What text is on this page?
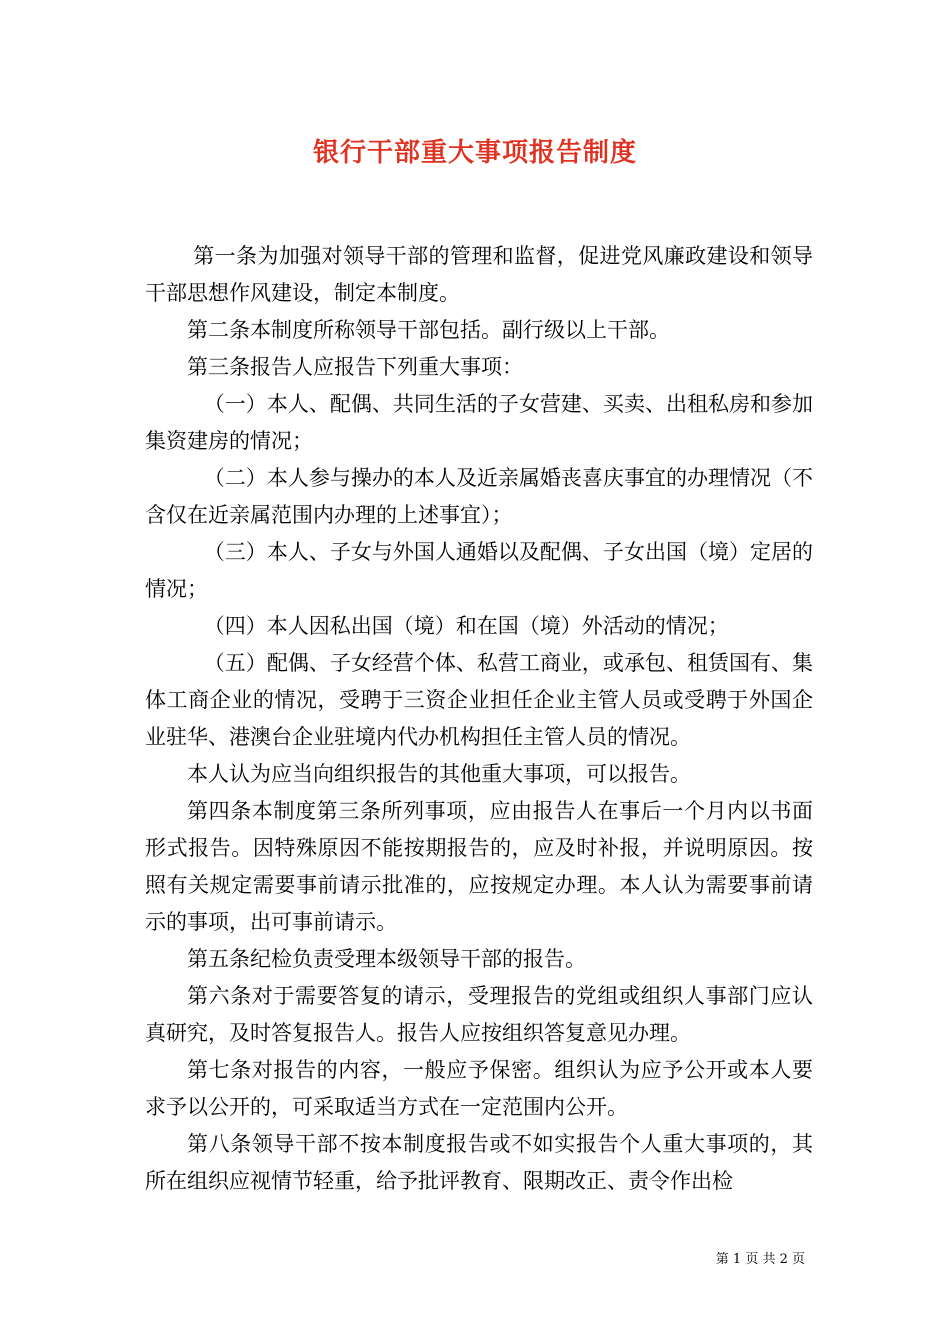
银行干部重大事项报告制度

第一条为加强对领导干部的管理和监督，促进党风廉政建设和领导干部思想作风建设，制定本制度。

第二条本制度所称领导干部包括。副行级以上干部。

第三条报告人应报告下列重大事项：

（一）本人、配偶、共同生活的子女营建、买卖、出租私房和参加集资建房的情况；

（二）本人参与操办的本人及近亲属婚丧喜庆事宜的办理情况（不含仅在近亲属范围内办理的上述事宜）；

（三）本人、子女与外国人通婚以及配偶、子女出国（境）定居的情况；

（四）本人因私出国（境）和在国（境）外活动的情况；

（五）配偶、子女经营个体、私营工商业，或承包、租赁国有、集体工商企业的情况，受聘于三资企业担任企业主管人员或受聘于外国企业驻华、港澳台企业驻境内代办机构担任主管人员的情况。

本人认为应当向组织报告的其他重大事项，可以报告。

第四条本制度第三条所列事项，应由报告人在事后一个月内以书面形式报告。因特殊原因不能按期报告的，应及时补报，并说明原因。按照有关规定需要事前请示批准的，应按规定办理。本人认为需要事前请示的事项，出可事前请示。

第五条纪检负责受理本级领导干部的报告。

第六条对于需要答复的请示，受理报告的党组或组织人事部门应认真研究，及时答复报告人。报告人应按组织答复意见办理。

第七条对报告的内容，一般应予保密。组织认为应予公开或本人要求予以公开的，可采取适当方式在一定范围内公开。

第八条领导干部不按本制度报告或不如实报告个人重大事项的，其所在组织应视情节轻重，给予批评教育、限期改正、责令作出检

第 1 页 共 2 页
